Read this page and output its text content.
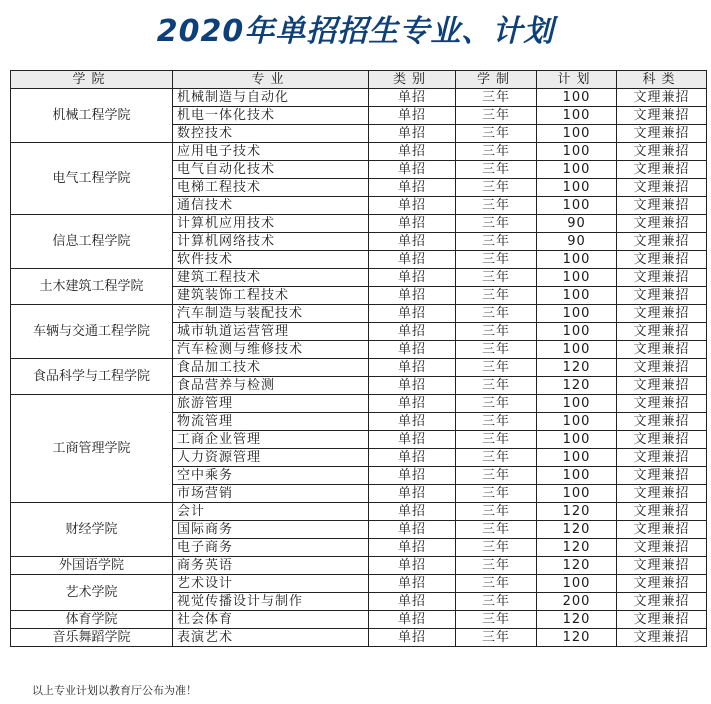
2020年单招招生专业、计划
学院	专业	类别	学制	计划	科类
机械工程学院	机械制造与自动化	单招	三年	100	文理兼招
	机电一体化技术	单招	三年	100	文理兼招
	数控技术	单招	三年	100	文理兼招
电气工程学院	应用电子技术	单招	三年	100	文理兼招
	电气自动化技术	单招	三年	100	文理兼招
	电梯工程技术	单招	三年	100	文理兼招
	通信技术	单招	三年	100	文理兼招
信息工程学院	计算机应用技术	单招	三年	90	文理兼招
	计算机网络技术	单招	三年	90	文理兼招
	软件技术	单招	三年	100	文理兼招
土木建筑工程学院	建筑工程技术	单招	三年	100	文理兼招
	建筑装饰工程技术	单招	三年	100	文理兼招
车辆与交通工程学院	汽车制造与装配技术	单招	三年	100	文理兼招
	城市轨道运营管理	单招	三年	100	文理兼招
	汽车检测与维修技术	单招	三年	100	文理兼招
食品科学与工程学院	食品加工技术	单招	三年	120	文理兼招
	食品营养与检测	单招	三年	120	文理兼招
工商管理学院	旅游管理	单招	三年	100	文理兼招
	物流管理	单招	三年	100	文理兼招
	工商企业管理	单招	三年	100	文理兼招
	人力资源管理	单招	三年	100	文理兼招
	空中乘务	单招	三年	100	文理兼招
	市场营销	单招	三年	100	文理兼招
财经学院	会计	单招	三年	120	文理兼招
	国际商务	单招	三年	120	文理兼招
	电子商务	单招	三年	120	文理兼招
外国语学院	商务英语	单招	三年	120	文理兼招
艺术学院	艺术设计	单招	三年	100	文理兼招
	视觉传播设计与制作	单招	三年	200	文理兼招
体育学院	社会体育	单招	三年	120	文理兼招
音乐舞蹈学院	表演艺术	单招	三年	120	文理兼招
以上专业计划以教育厅公布为准！
